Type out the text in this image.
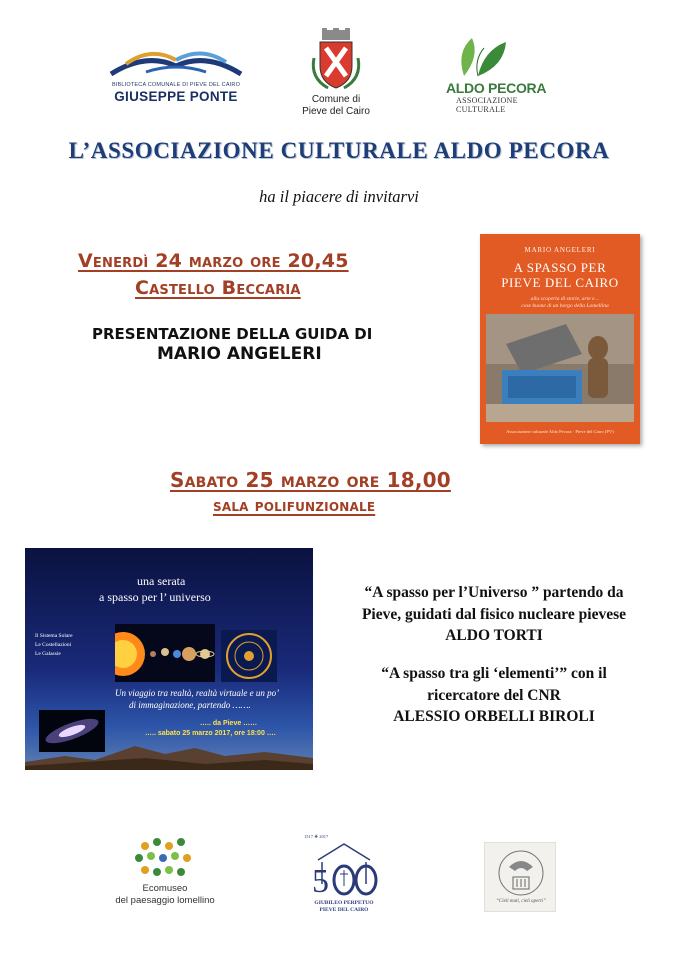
BIBLIOTECA COMUNALE DI PIEVE DEL CAIRO
GIUSEPPE PONTE	Comune di
Pieve del Cairo
ALDO PECORA
ASSOCIAZIONE CULTURALE
L’ASSOCIAZIONE CULTURALE ALDO PECORA
ha il piacere di invitarvi
Venerdì 24 marzo ore 20,45
Castello Beccaria
PRESENTAZIONE DELLA GUIDA DI
MARIO ANGELERI
MARIO ANGELERI
A SPASSO PER
PIEVE DEL CAIRO
alla scoperta di storie, arte e…
cose buone di un borgo della Lomellina
Associazione culturale Aldo Pecora · Pieve del Cairo (PV)
Sabato 25 marzo ore 18,00
sala polifunzionale
una serata
a spasso per l’ universo
Il Sistema Solare
Le Costellazioni
Le Galassie
Un viaggio tra realtà, realtà virtuale e un po’
di immaginazione, partendo …….
….. da Pieve ……
….. sabato 25 marzo 2017, ore 18:00 ….
“A spasso per l’Universo ” partendo da
Pieve, guidati dal fisico nucleare pievese
ALDO TORTI
“A spasso tra gli ‘elementi’” con il
ricercatore del CNR
ALESSIO ORBELLI BIROLI
Ecomuseo
del paesaggio lomellino
1517 ❖ 2017
5
GIUBILEO PERPETUO
PIEVE DEL CAIRO
“Cieli muti, cieli aperti”
